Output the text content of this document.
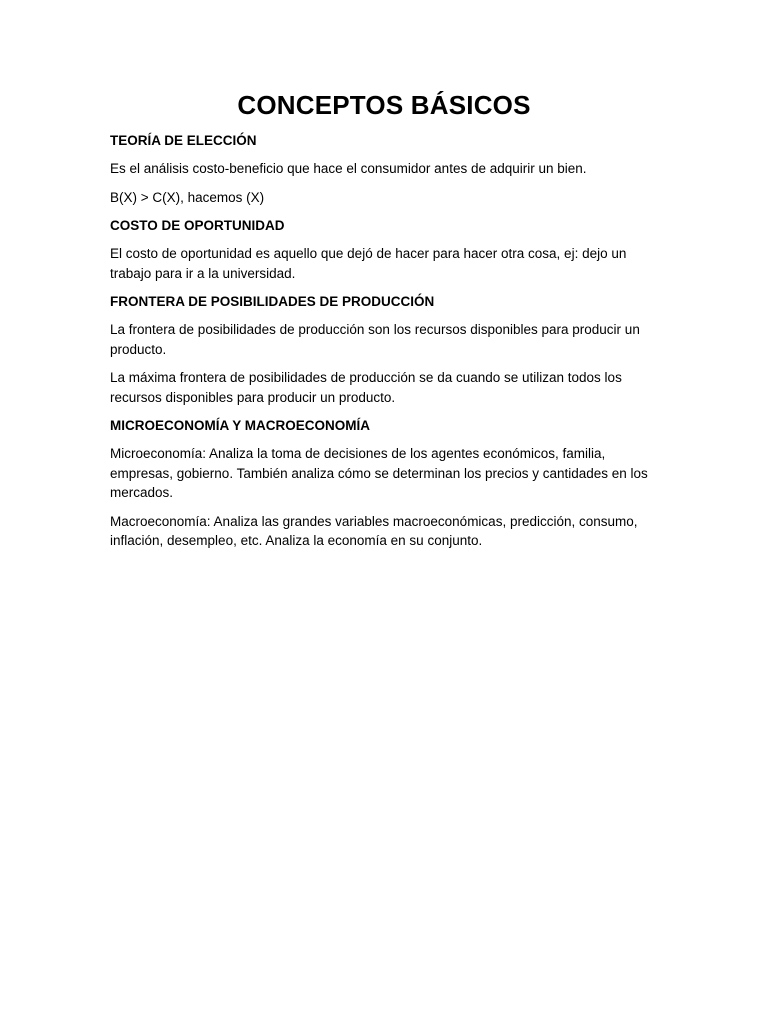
CONCEPTOS BÁSICOS
TEORÍA DE ELECCIÓN

Es el análisis costo-beneficio que hace el consumidor antes de adquirir un bien.

B(X) > C(X), hacemos (X)

COSTO DE OPORTUNIDAD

El costo de oportunidad es aquello que dejó de hacer para hacer otra cosa, ej: dejo un trabajo para ir a la universidad.

FRONTERA DE POSIBILIDADES DE PRODUCCIÓN

La frontera de posibilidades de producción son los recursos disponibles para producir un producto.

La máxima frontera de posibilidades de producción se da cuando se utilizan todos los recursos disponibles para producir un producto.

MICROECONOMÍA Y MACROECONOMÍA

Microeconomía: Analiza la toma de decisiones de los agentes económicos, familia, empresas, gobierno. También analiza cómo se determinan los precios y cantidades en los mercados.

Macroeconomía: Analiza las grandes variables macroeconómicas, predicción, consumo, inflación, desempleo, etc. Analiza la economía en su conjunto.
